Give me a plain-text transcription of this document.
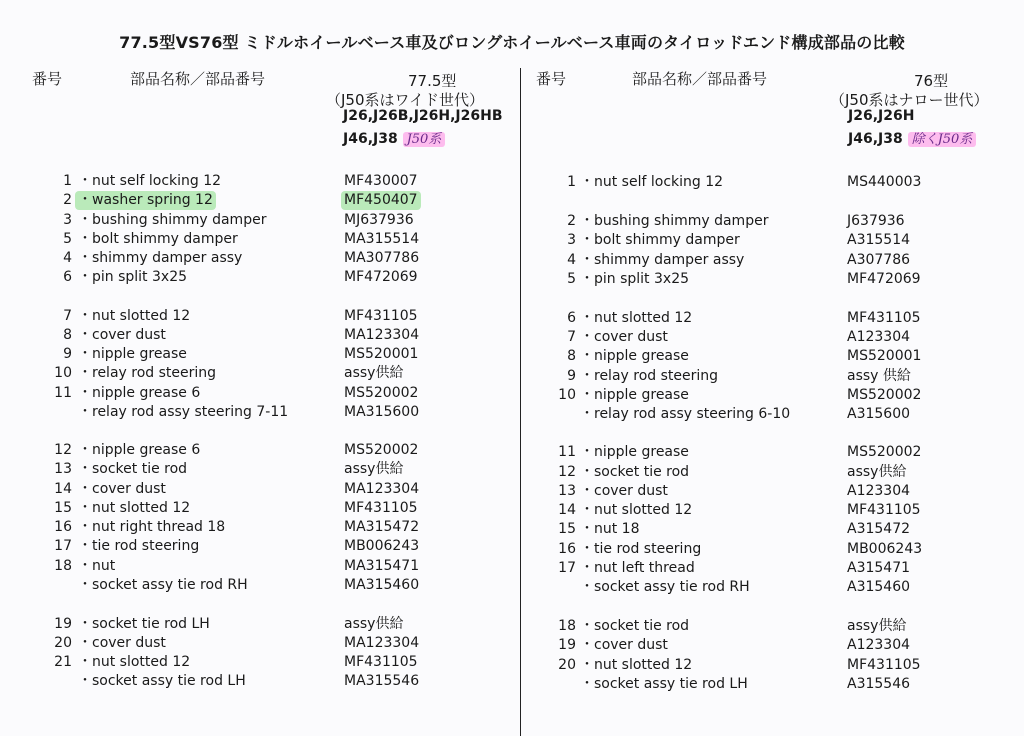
77.5型VS76型 ミドルホイールベース車及びロングホイールベース車両のタイロッドエンド構成部品の比較
番号	部品名称／部品番号	77.5型
（J50系はワイド世代）
J26,J26B,J26H,J26HB
J46,J38 J50系
番号	部品名称／部品番号	76型
（J50系はナロー世代）
J26,J26H
J46,J38 除くJ50系
1 ・nut self locking 12	MF430007
2 ・washer spring 12	MF450407
3 ・bushing shimmy damper	MJ637936
5 ・bolt shimmy damper	MA315514
4 ・shimmy damper assy	MA307786
6 ・pin split 3x25	MF472069
7 ・nut slotted 12	MF431105
8 ・cover dust	MA123304
9 ・nipple grease	MS520001
10 ・relay rod steering	assy供給
11 ・nipple grease 6	MS520002
・relay rod assy steering 7-11	MA315600
12 ・nipple grease 6	MS520002
13 ・socket tie rod	assy供給
14 ・cover dust	MA123304
15 ・nut slotted 12	MF431105
16 ・nut right thread 18	MA315472
17 ・tie rod steering	MB006243
18 ・nut	MA315471
・socket assy tie rod RH	MA315460
19 ・socket tie rod LH	assy供給
20 ・cover dust	MA123304
21 ・nut slotted 12	MF431105
・socket assy tie rod LH	MA315546
1 ・nut self locking 12	MS440003
2 ・bushing shimmy damper	J637936
3 ・bolt shimmy damper	A315514
4 ・shimmy damper assy	A307786
5 ・pin split 3x25	MF472069
6 ・nut slotted 12	MF431105
7 ・cover dust	A123304
8 ・nipple grease	MS520001
9 ・relay rod steering	assy 供給
10 ・nipple grease	MS520002
・relay rod assy steering 6-10	A315600
11 ・nipple grease	MS520002
12 ・socket tie rod	assy供給
13 ・cover dust	A123304
14 ・nut slotted 12	MF431105
15 ・nut 18	A315472
16 ・tie rod steering	MB006243
17 ・nut left thread	A315471
・socket assy tie rod RH	A315460
18 ・socket tie rod	assy供給
19 ・cover dust	A123304
20 ・nut slotted 12	MF431105
・socket assy tie rod LH	A315546
